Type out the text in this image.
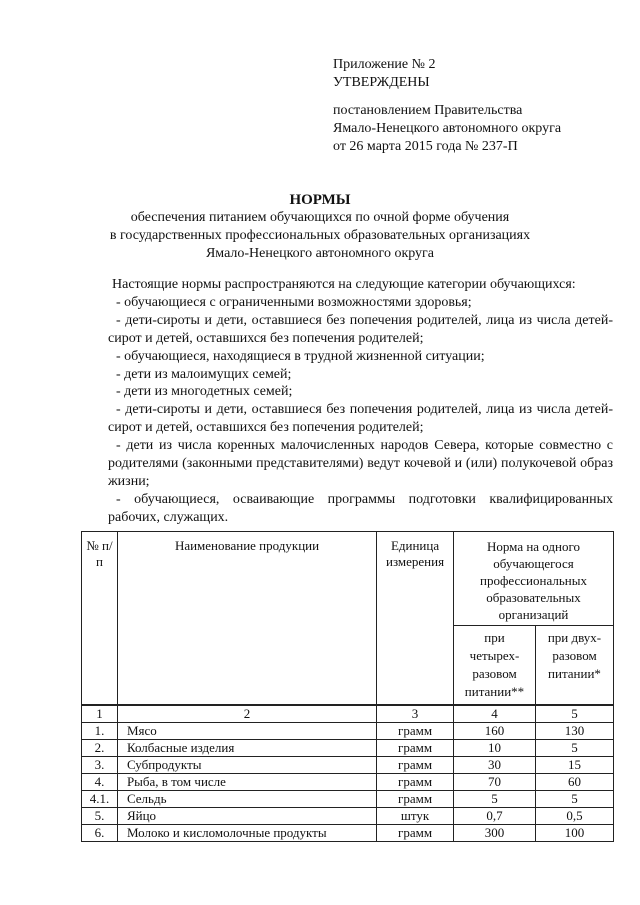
Приложение № 2
УТВЕРЖДЕНЫ
постановлением Правительства
Ямало-Ненецкого автономного округа
от 26 марта 2015 года № 237-П
НОРМЫ
обеспечения питанием обучающихся по очной форме обучения
в государственных профессиональных образовательных организациях
Ямало-Ненецкого автономного округа

Настоящие нормы распространяются на следующие категории обучающихся:

- обучающиеся с ограниченными возможностями здоровья;

- дети-сироты и дети, оставшиеся без попечения родителей, лица из числа детей-сирот и детей, оставшихся без попечения родителей;

- обучающиеся, находящиеся в трудной жизненной ситуации;

- дети из малоимущих семей;

- дети из многодетных семей;

- дети-сироты и дети, оставшиеся без попечения родителей, лица из числа детей-сирот и детей, оставшихся без попечения родителей;

- дети из числа коренных малочисленных народов Севера, которые совместно с родителями (законными представителями) ведут кочевой и (или) полукочевой образ жизни;

- обучающиеся, осваивающие программы подготовки квалифицированных рабочих, служащих.

№ п/п	Наименование продукции	Единица измерения	Норма на одного обучающегося профессиональных образовательных организаций	
			при четырех-разовом питании**	при двух-разовом питании*
1	2	3	4	5
1.	Мясо	грамм	160	130
2.	Колбасные изделия	грамм	10	5
3.	Субпродукты	грамм	30	15
4.	Рыба, в том числе	грамм	70	60
4.1.	Сельдь	грамм	5	5
5.	Яйцо	штук	0,7	0,5
6.	Молоко и кисломолочные продукты	грамм	300	100
